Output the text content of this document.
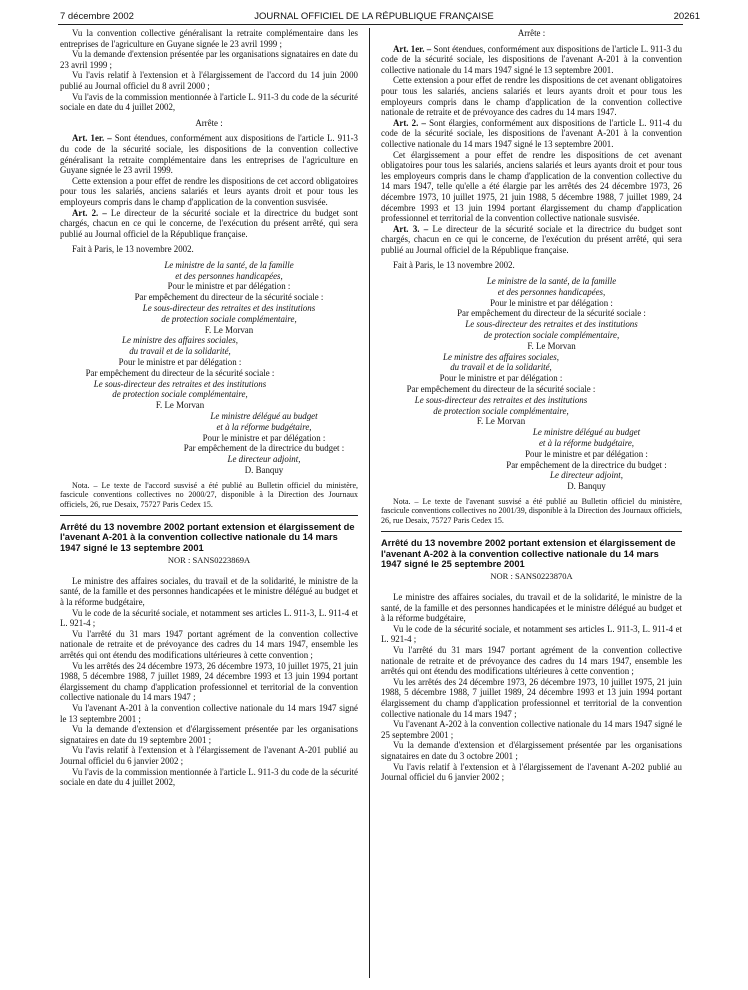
7 décembre 2002	JOURNAL OFFICIEL DE LA RÉPUBLIQUE FRANÇAISE	20261

Vu la convention collective généralisant la retraite complémentaire dans les entreprises de l'agriculture en Guyane signée le 23 avril 1999 ;

Vu la demande d'extension présentée par les organisations signataires en date du 23 avril 1999 ;

Vu l'avis relatif à l'extension et à l'élargissement de l'accord du 14 juin 2000 publié au Journal officiel du 8 avril 2000 ;

Vu l'avis de la commission mentionnée à l'article L. 911-3 du code de la sécurité sociale en date du 4 juillet 2002,

Arrête :

Art. 1er. – Sont étendues, conformément aux dispositions de l'article L. 911-3 du code de la sécurité sociale, les dispositions de la convention collective généralisant la retraite complémentaire dans les entreprises de l'agriculture en Guyane signée le 23 avril 1999.

Cette extension a pour effet de rendre les dispositions de cet accord obligatoires pour tous les salariés, anciens salariés et leurs ayants droit et pour tous les employeurs compris dans le champ d'application de la convention susvisée.

Art. 2. – Le directeur de la sécurité sociale et la directrice du budget sont chargés, chacun en ce qui le concerne, de l'exécution du présent arrêté, qui sera publié au Journal officiel de la République française.

Fait à Paris, le 13 novembre 2002.

Le ministre de la santé, de la famille
et des personnes handicapées,
Pour le ministre et par délégation :
Par empêchement du directeur de la sécurité sociale :
Le sous-directeur des retraites et des institutions
de protection sociale complémentaire,
F. Le Morvan
Le ministre des affaires sociales,
du travail et de la solidarité,
Pour le ministre et par délégation :
Par empêchement du directeur de la sécurité sociale :
Le sous-directeur des retraites et des institutions
de protection sociale complémentaire,
F. Le Morvan
Le ministre délégué au budget
et à la réforme budgétaire,
Pour le ministre et par délégation :
Par empêchement de la directrice du budget :
Le directeur adjoint,
D. Banquy

Nota. – Le texte de l'accord susvisé a été publié au Bulletin officiel du ministère, fascicule conventions collectives no 2000/27, disponible à la Direction des Journaux officiels, 26, rue Desaix, 75727 Paris Cedex 15.

Arrêté du 13 novembre 2002 portant extension et élargissement de l'avenant A-201 à la convention collective nationale du 14 mars 1947 signé le 13 septembre 2001

NOR : SANS0223869A

Le ministre des affaires sociales, du travail et de la solidarité, le ministre de la santé, de la famille et des personnes handicapées et le ministre délégué au budget et à la réforme budgétaire,

Vu le code de la sécurité sociale, et notamment ses articles L. 911-3, L. 911-4 et L. 921-4 ;

Vu l'arrêté du 31 mars 1947 portant agrément de la convention collective nationale de retraite et de prévoyance des cadres du 14 mars 1947, ensemble les arrêtés qui ont étendu des modifications ultérieures à cette convention ;

Vu les arrêtés des 24 décembre 1973, 26 décembre 1973, 10 juillet 1975, 21 juin 1988, 5 décembre 1988, 7 juillet 1989, 24 décembre 1993 et 13 juin 1994 portant élargissement du champ d'application professionnel et territorial de la convention collective nationale du 14 mars 1947 ;

Vu l'avenant A-201 à la convention collective nationale du 14 mars 1947 signé le 13 septembre 2001 ;

Vu la demande d'extension et d'élargissement présentée par les organisations signataires en date du 19 septembre 2001 ;

Vu l'avis relatif à l'extension et à l'élargissement de l'avenant A-201 publié au Journal officiel du 6 janvier 2002 ;

Vu l'avis de la commission mentionnée à l'article L. 911-3 du code de la sécurité sociale en date du 4 juillet 2002,

Arrête :

Art. 1er. – Sont étendues, conformément aux dispositions de l'article L. 911-3 du code de la sécurité sociale, les dispositions de l'avenant A-201 à la convention collective nationale du 14 mars 1947 signé le 13 septembre 2001.

Cette extension a pour effet de rendre les dispositions de cet avenant obligatoires pour tous les salariés, anciens salariés et leurs ayants droit et pour tous les employeurs compris dans le champ d'application de la convention collective nationale de retraite et de prévoyance des cadres du 14 mars 1947.

Art. 2. – Sont élargies, conformément aux dispositions de l'article L. 911-4 du code de la sécurité sociale, les dispositions de l'avenant A-201 à la convention collective nationale du 14 mars 1947 signé le 13 septembre 2001.

Cet élargissement a pour effet de rendre les dispositions de cet avenant obligatoires pour tous les salariés, anciens salariés et leurs ayants droit et pour tous les employeurs compris dans le champ d'application de la convention collective du 14 mars 1947, telle qu'elle a été élargie par les arrêtés des 24 décembre 1973, 26 décembre 1973, 10 juillet 1975, 21 juin 1988, 5 décembre 1988, 7 juillet 1989, 24 décembre 1993 et 13 juin 1994 portant élargissement du champ d'application professionnel et territorial de la convention collective nationale susvisée.

Art. 3. – Le directeur de la sécurité sociale et la directrice du budget sont chargés, chacun en ce qui le concerne, de l'exécution du présent arrêté, qui sera publié au Journal officiel de la République française.

Fait à Paris, le 13 novembre 2002.

Le ministre de la santé, de la famille
et des personnes handicapées,
Pour le ministre et par délégation :
Par empêchement du directeur de la sécurité sociale :
Le sous-directeur des retraites et des institutions
de protection sociale complémentaire,
F. Le Morvan
Le ministre des affaires sociales,
du travail et de la solidarité,
Pour le ministre et par délégation :
Par empêchement du directeur de la sécurité sociale :
Le sous-directeur des retraites et des institutions
de protection sociale complémentaire,
F. Le Morvan
Le ministre délégué au budget
et à la réforme budgétaire,
Pour le ministre et par délégation :
Par empêchement de la directrice du budget :
Le directeur adjoint,
D. Banquy

Nota. – Le texte de l'avenant susvisé a été publié au Bulletin officiel du ministère, fascicule conventions collectives no 2001/39, disponible à la Direction des Journaux officiels, 26, rue Desaix, 75727 Paris Cedex 15.

Arrêté du 13 novembre 2002 portant extension et élargissement de l'avenant A-202 à la convention collective nationale du 14 mars 1947 signé le 25 septembre 2001

NOR : SANS0223870A

Le ministre des affaires sociales, du travail et de la solidarité, le ministre de la santé, de la famille et des personnes handicapées et le ministre délégué au budget et à la réforme budgétaire,

Vu le code de la sécurité sociale, et notamment ses articles L. 911-3, L. 911-4 et L. 921-4 ;

Vu l'arrêté du 31 mars 1947 portant agrément de la convention collective nationale de retraite et de prévoyance des cadres du 14 mars 1947, ensemble les arrêtés qui ont étendu des modifications ultérieures à cette convention ;

Vu les arrêtés des 24 décembre 1973, 26 décembre 1973, 10 juillet 1975, 21 juin 1988, 5 décembre 1988, 7 juillet 1989, 24 décembre 1993 et 13 juin 1994 portant élargissement du champ d'application professionnel et territorial de la convention collective nationale du 14 mars 1947 ;

Vu l'avenant A-202 à la convention collective nationale du 14 mars 1947 signé le 25 septembre 2001 ;

Vu la demande d'extension et d'élargissement présentée par les organisations signataires en date du 3 octobre 2001 ;

Vu l'avis relatif à l'extension et à l'élargissement de l'avenant A-202 publié au Journal officiel du 6 janvier 2002 ;
